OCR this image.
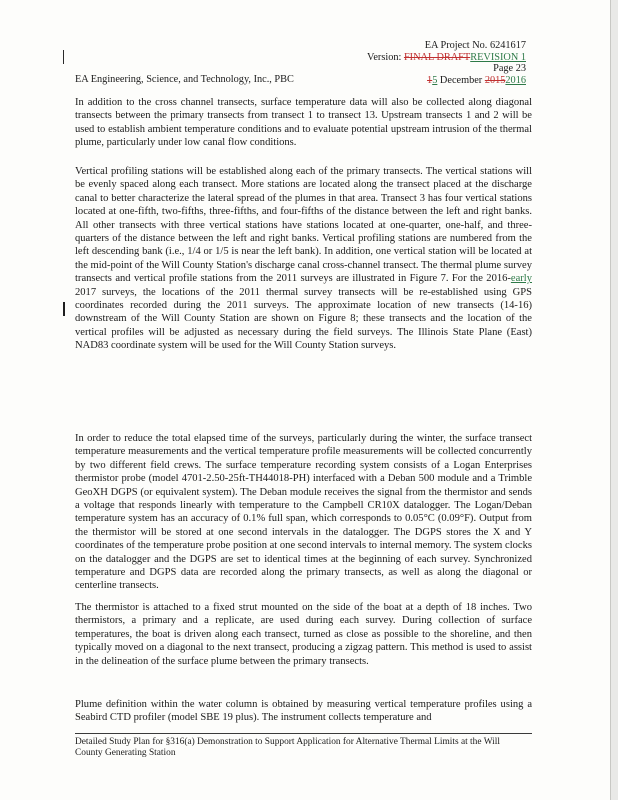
EA Project No. 6241617
Version: FINAL DRAFTREVISION 1
Page 23
15 December 20152016
EA Engineering, Science, and Technology, Inc., PBC

In addition to the cross channel transects, surface temperature data will also be collected along diagonal transects between the primary transects from transect 1 to transect 13. Upstream transects 1 and 2 will be used to establish ambient temperature conditions and to evaluate potential upstream intrusion of the thermal plume, particularly under low canal flow conditions.

Vertical profiling stations will be established along each of the primary transects. The vertical stations will be evenly spaced along each transect. More stations are located along the transect placed at the discharge canal to better characterize the lateral spread of the plumes in that area. Transect 3 has four vertical stations located at one-fifth, two-fifths, three-fifths, and four-fifths of the distance between the left and right banks. All other transects with three vertical stations have stations located at one-quarter, one-half, and three-quarters of the distance between the left and right banks. Vertical profiling stations are numbered from the left descending bank (i.e., 1/4 or 1/5 is near the left bank). In addition, one vertical station will be located at the mid-point of the Will County Station's discharge canal cross-channel transect. The thermal plume survey transects and vertical profile stations from the 2011 surveys are illustrated in Figure 7. For the 2016-early 2017 surveys, the locations of the 2011 thermal survey transects will be re-established using GPS coordinates recorded during the 2011 surveys. The approximate location of new transects (14-16) downstream of the Will County Station are shown on Figure 8; these transects and the location of the vertical profiles will be adjusted as necessary during the field surveys. The Illinois State Plane (East) NAD83 coordinate system will be used for the Will County Station surveys.

In order to reduce the total elapsed time of the surveys, particularly during the winter, the surface transect temperature measurements and the vertical temperature profile measurements will be collected concurrently by two different field crews. The surface temperature recording system consists of a Logan Enterprises thermistor probe (model 4701-2.50-25ft-TH44018-PH) interfaced with a Deban 500 module and a Trimble GeoXH DGPS (or equivalent system). The Deban module receives the signal from the thermistor and sends a voltage that responds linearly with temperature to the Campbell CR10X datalogger. The Logan/Deban temperature system has an accuracy of 0.1% full span, which corresponds to 0.05°C (0.09°F). Output from the thermistor will be stored at one second intervals in the datalogger. The DGPS stores the X and Y coordinates of the temperature probe position at one second intervals to internal memory. The system clocks on the datalogger and the DGPS are set to identical times at the beginning of each survey. Synchronized temperature and DGPS data are recorded along the primary transects, as well as along the diagonal or centerline transects.

The thermistor is attached to a fixed strut mounted on the side of the boat at a depth of 18 inches. Two thermistors, a primary and a replicate, are used during each survey. During collection of surface temperatures, the boat is driven along each transect, turned as close as possible to the shoreline, and then typically moved on a diagonal to the next transect, producing a zigzag pattern. This method is used to assist in the delineation of the surface plume between the primary transects.

Plume definition within the water column is obtained by measuring vertical temperature profiles using a Seabird CTD profiler (model SBE 19 plus). The instrument collects temperature and

Detailed Study Plan for §316(a) Demonstration to Support Application for Alternative Thermal Limits at the Will
County Generating Station
